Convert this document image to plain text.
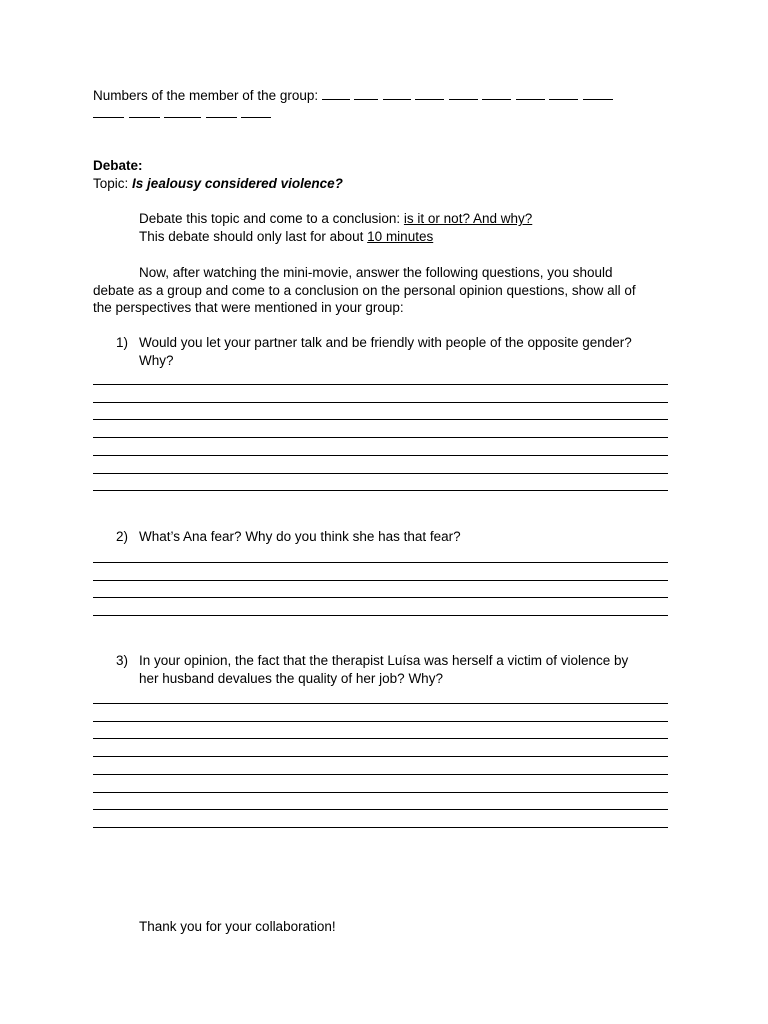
Numbers of the member of the group:
Debate:
Topic: Is jealousy considered violence?
Debate this topic and come to a conclusion: is it or not? And why?
This debate should only last for about 10 minutes
Now, after watching the mini-movie, answer the following questions, you should
debate as a group and come to a conclusion on the personal opinion questions, show all of
the perspectives that were mentioned in your group:
1) Would you let your partner talk and be friendly with people of the opposite gender?
Why?
2) What’s Ana fear? Why do you think she has that fear?
3) In your opinion, the fact that the therapist Luísa was herself a victim of violence by
her husband devalues the quality of her job? Why?
Thank you for your collaboration!
